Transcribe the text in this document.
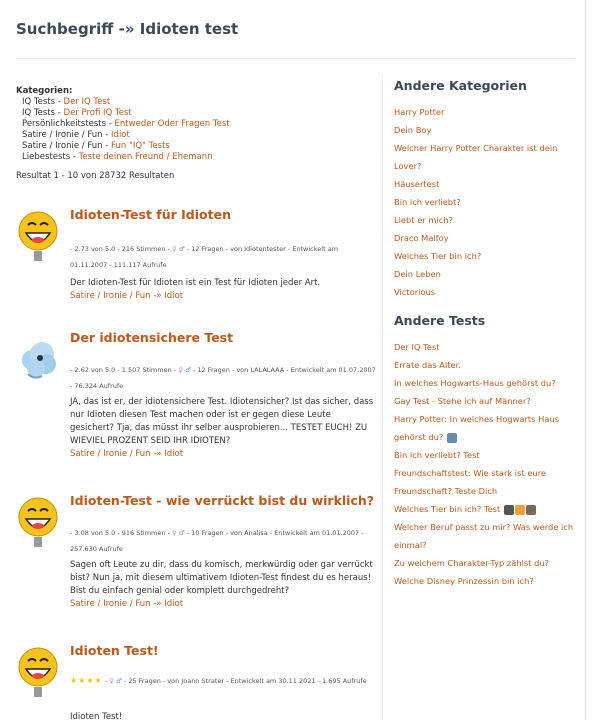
Suchbegriff -» Idioten test
Kategorien:
IQ Tests - Der IQ Test
IQ Tests - Der Profi IQ Test
Persönlichkeitstests - Entweder Oder Fragen Test
Satire / Ironie / Fun - Idiot
Satire / Ironie / Fun - Fun "IQ" Tests
Liebestests - Teste deinen Freund / Ehemann
Resultat 1 - 10 von 28732 Resultaten
Idioten-Test für Idioten
- 2.73 von 5.0 - 216 Stimmen - ♀ ♂ - 12 Fragen - von Idiotentester - Entwickelt am 01.11.2007 - 111.117 Aufrufe
Der Idioten-Test für Idioten ist ein Test für Idioten jeder Art.
Satire / Ironie / Fun -» Idiot
Der idiotensichere Test
- 2.62 von 5.0 - 1.507 Stimmen - ♀ ♂ - 12 Fragen - von LALALAAA - Entwickelt am 01.07.2007 - 76.324 Aufrufe
JA, das ist er, der idiotensichere Test. Idiotensicher? Ist das sicher, dass nur Idioten diesen Test machen oder ist er gegen diese Leute gesichert? Tja, das müsst ihr selber ausprobieren... TESTET EUCH! ZU WIEVIEL PROZENT SEID IHR IDIOTEN?
Satire / Ironie / Fun -» Idiot
Idioten-Test - wie verrückt bist du wirklich?
- 3.08 von 5.0 - 916 Stimmen - ♀ ♂ - 10 Fragen - von Analisa - Entwickelt am 01.01.2007 - 257.630 Aufrufe
Sagen oft Leute zu dir, dass du komisch, merkwürdig oder gar verrückt bist? Nun ja, mit diesem ultimativem Idioten-Test findest du es heraus! Bist du einfach genial oder komplett durchgedreht?
Satire / Ironie / Fun -» Idiot
Idioten Test!
★★★★ - ♀ ♂ - 25 Fragen - von Joann Strater - Entwickelt am 30.11.2021 - 1.695 Aufrufe
Idioten Test!
Andere Kategorien
Harry Potter
Dein Boy
Welcher Harry Potter Charakter ist dein Lover?
Häusertest
Bin ich verliebt?
Liebt er mich?
Draco Malfoy
Welches Tier bin ich?
Dein Leben
Victorious
Andere Tests
Der IQ Test
Errate das Alter.
In welches Hogwarts-Haus gehörst du?
Gay Test - Stehe ich auf Männer?
Harry Potter: In welches Hogwarts Haus gehörst du?
Bin ich verliebt? Test
Freundschaftstest: Wie stark ist eure Freundschaft? Teste Dich
Welches Tier bin ich? Test
Welcher Beruf passt zu mir? Was werde ich einmal?
Zu welchem Charakter-Typ zählst du?
Welche Disney Prinzessin bin ich?
